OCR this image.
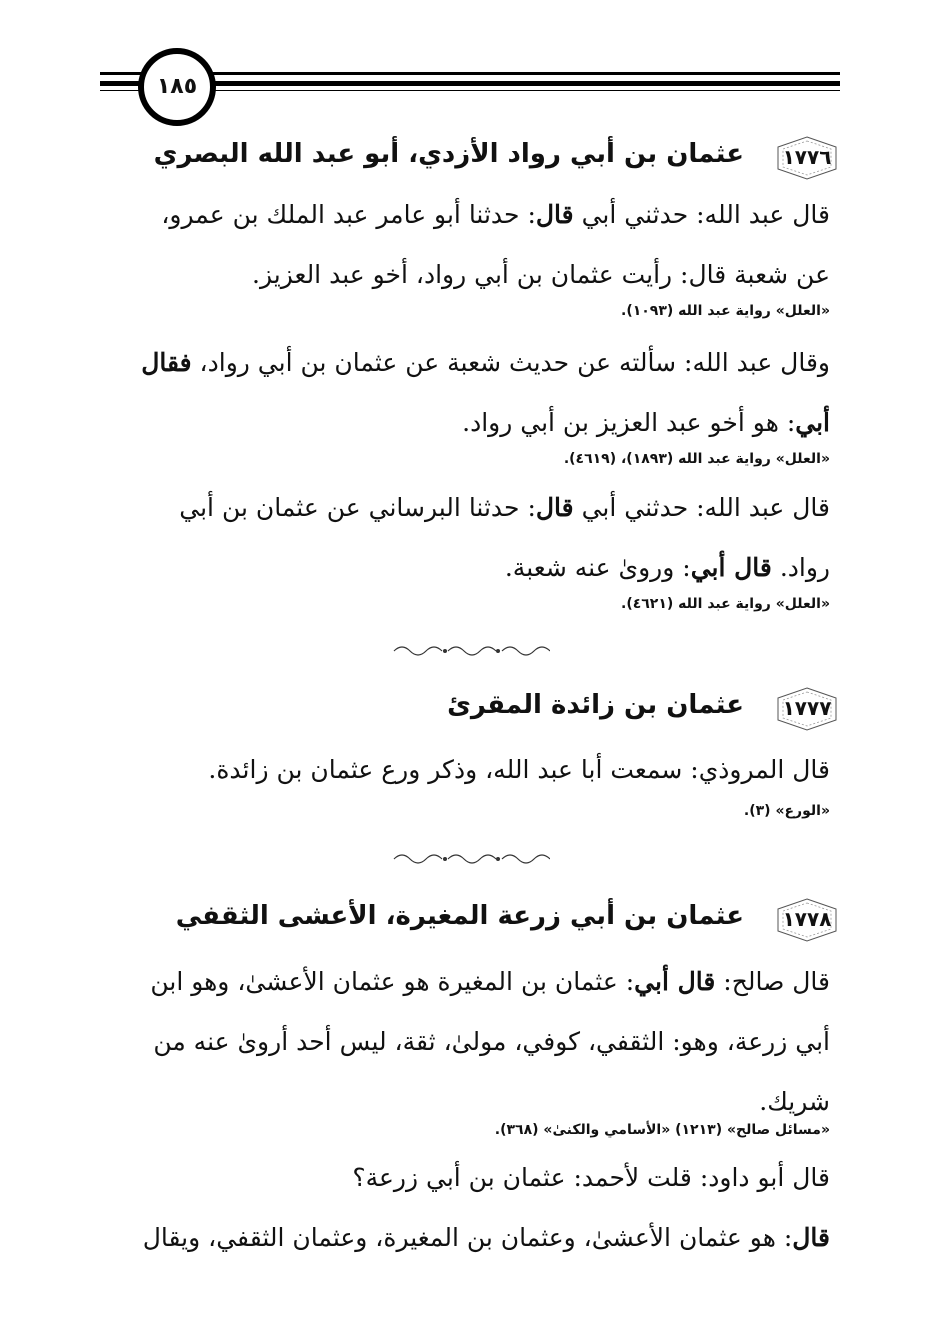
١٨٥
١٧٧٦
عثمان بن أبي رواد الأزدي، أبو عبد الله البصري
قال عبد الله: حدثني أبي قال: حدثنا أبو عامر عبد الملك بن عمرو،
عن شعبة قال: رأيت عثمان بن أبي رواد، أخو عبد العزيز.
«العلل» رواية عبد الله (١٠٩٣).
وقال عبد الله: سألته عن حديث شعبة عن عثمان بن أبي رواد، فقال
أبي: هو أخو عبد العزيز بن أبي رواد.
«العلل» رواية عبد الله (١٨٩٣)، (٤٦١٩).
قال عبد الله: حدثني أبي قال: حدثنا البرساني عن عثمان بن أبي
رواد. قال أبي: وروىٰ عنه شعبة.
«العلل» رواية عبد الله (٤٦٢١).
١٧٧٧
عثمان بن زائدة المقرئ
قال المروذي: سمعت أبا عبد الله، وذكر ورع عثمان بن زائدة.
«الورع» (٣).
١٧٧٨
عثمان بن أبي زرعة المغيرة، الأعشى الثقفي
قال صالح: قال أبي: عثمان بن المغيرة هو عثمان الأعشىٰ، وهو ابن
أبي زرعة، وهو: الثقفي، كوفي، مولىٰ، ثقة، ليس أحد أروىٰ عنه من
شريك.
«مسائل صالح» (١٢١٣) «الأسامي والكنىٰ» (٣٦٨).
قال أبو داود: قلت لأحمد: عثمان بن أبي زرعة؟
قال: هو عثمان الأعشىٰ، وعثمان بن المغيرة، وعثمان الثقفي، ويقال
